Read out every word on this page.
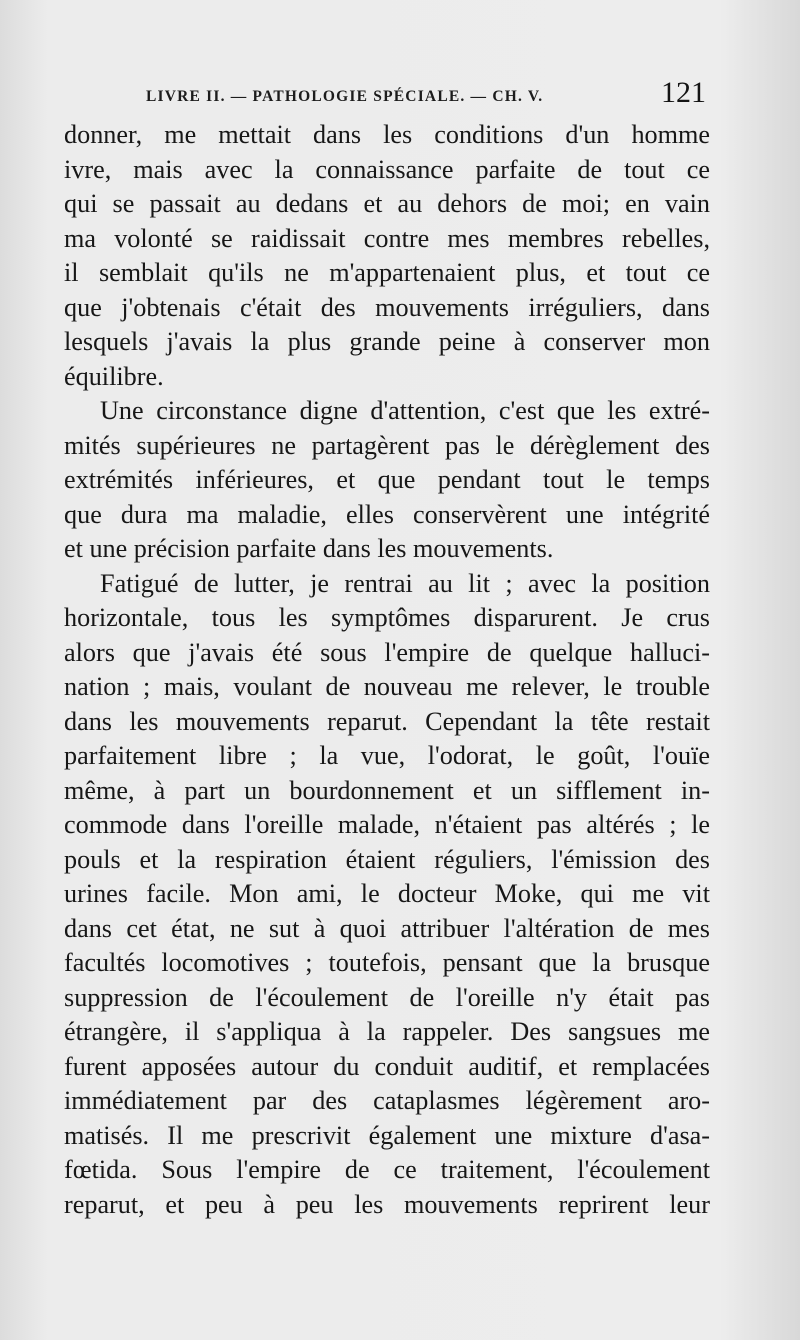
LIVRE II. — PATHOLOGIE SPÉCIALE. — CH. V.	121
donner, me mettait dans les conditions d'un homme
ivre, mais avec la connaissance parfaite de tout ce
qui se passait au dedans et au dehors de moi; en vain
ma volonté se raidissait contre mes membres rebelles,
il semblait qu'ils ne m'appartenaient plus, et tout ce
que j'obtenais c'était des mouvements irréguliers, dans
lesquels j'avais la plus grande peine à conserver mon
équilibre.
Une circonstance digne d'attention, c'est que les extré-
mités supérieures ne partagèrent pas le dérèglement des
extrémités inférieures, et que pendant tout le temps
que dura ma maladie, elles conservèrent une intégrité
et une précision parfaite dans les mouvements.
Fatigué de lutter, je rentrai au lit ; avec la position
horizontale, tous les symptômes disparurent. Je crus
alors que j'avais été sous l'empire de quelque halluci-
nation ; mais, voulant de nouveau me relever, le trouble
dans les mouvements reparut. Cependant la tête restait
parfaitement libre ; la vue, l'odorat, le goût, l'ouïe
même, à part un bourdonnement et un sifflement in-
commode dans l'oreille malade, n'étaient pas altérés ; le
pouls et la respiration étaient réguliers, l'émission des
urines facile. Mon ami, le docteur Moke, qui me vit
dans cet état, ne sut à quoi attribuer l'altération de mes
facultés locomotives ; toutefois, pensant que la brusque
suppression de l'écoulement de l'oreille n'y était pas
étrangère, il s'appliqua à la rappeler. Des sangsues me
furent apposées autour du conduit auditif, et remplacées
immédiatement par des cataplasmes légèrement aro-
matisés. Il me prescrivit également une mixture d'asa-
fœtida. Sous l'empire de ce traitement, l'écoulement
reparut, et peu à peu les mouvements reprirent leur
